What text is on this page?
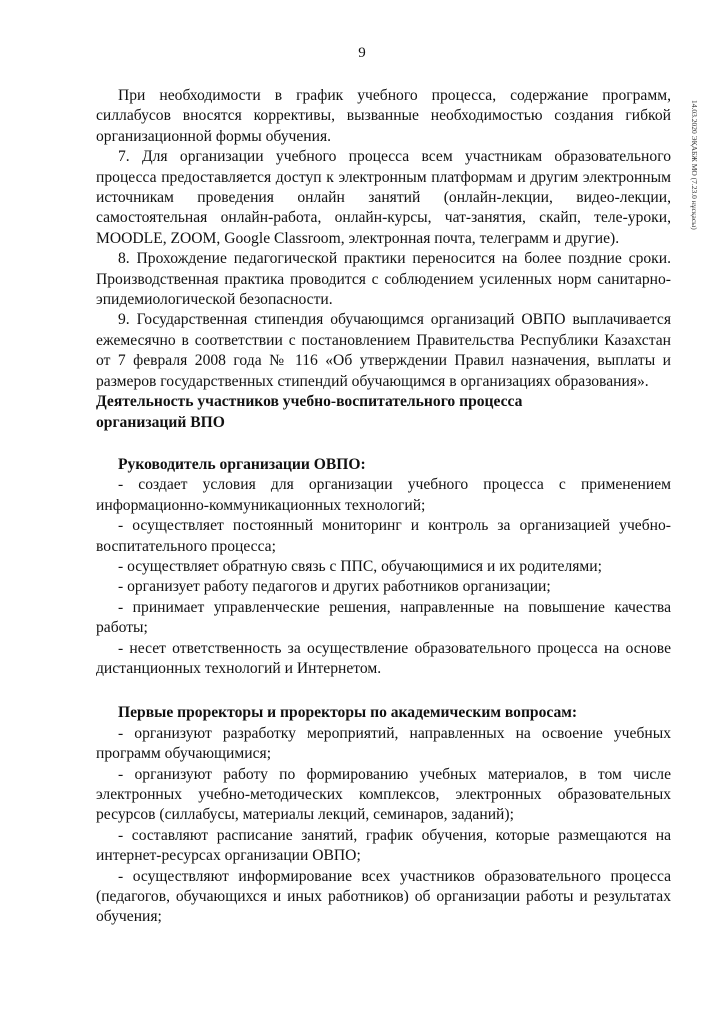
9
14.03.2020 ЭҚАБЖ МО (7.23.0 нұсқасы)

При необходимости в график учебного процесса, содержание программ, силлабусов вносятся коррективы, вызванные необходимостью создания гибкой организационной формы обучения.

7. Для организации учебного процесса всем участникам образовательного процесса предоставляется доступ к электронным платформам и другим электронным источникам проведения онлайн занятий (онлайн-лекции, видео-лекции, самостоятельная онлайн-работа, онлайн-курсы, чат-занятия, скайп, теле-уроки, MOODLE, ZOOM, Google Classroom, электронная почта, телеграмм и другие).

8. Прохождение педагогической практики переносится на более поздние сроки. Производственная практика проводится с соблюдением усиленных норм санитарно-эпидемиологической безопасности.

9. Государственная стипендия обучающимся организаций ОВПО выплачивается ежемесячно в соответствии с постановлением Правительства Республики Казахстан от 7 февраля 2008 года № 116 «Об утверждении Правил назначения, выплаты и размеров государственных стипендий обучающимся в организациях образования».

Деятельность участников учебно-воспитательного процесса
организаций ВПО

Руководитель организации ОВПО:

- создает условия для организации учебного процесса с применением информационно-коммуникационных технологий;

- осуществляет постоянный мониторинг и контроль за организацией учебно-воспитательного процесса;

- осуществляет обратную связь с ППС, обучающимися и их родителями;

- организует работу педагогов и других работников организации;

- принимает управленческие решения, направленные на повышение качества работы;

- несет ответственность за осуществление образовательного процесса на основе дистанционных технологий и Интернетом.

Первые проректоры и проректоры по академическим вопросам:

- организуют разработку мероприятий, направленных на освоение учебных программ обучающимися;

- организуют работу по формированию учебных материалов, в том числе электронных учебно-методических комплексов, электронных образовательных ресурсов (силлабусы, материалы лекций, семинаров, заданий);

- составляют расписание занятий, график обучения, которые размещаются на интернет-ресурсах организации ОВПО;

- осуществляют информирование всех участников образовательного процесса (педагогов, обучающихся и иных работников) об организации работы и результатах обучения;
